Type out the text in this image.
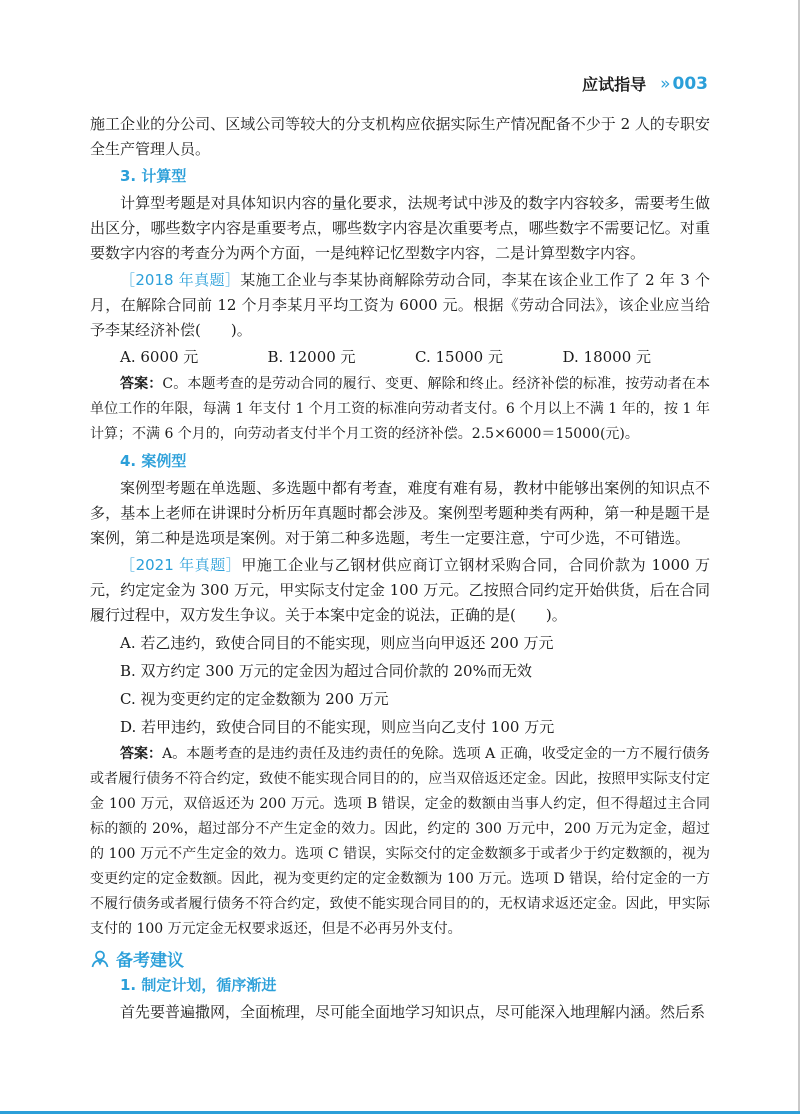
应试指导 » 003

施工企业的分公司、区域公司等较大的分支机构应依据实际生产情况配备不少于 2 人的专职安全生产管理人员。

3. 计算型

计算型考题是对具体知识内容的量化要求，法规考试中涉及的数字内容较多，需要考生做出区分，哪些数字内容是重要考点，哪些数字内容是次重要考点，哪些数字不需要记忆。对重要数字内容的考查分为两个方面，一是纯粹记忆型数字内容，二是计算型数字内容。

［2018 年真题］某施工企业与李某协商解除劳动合同，李某在该企业工作了 2 年 3 个月，在解除合同前 12 个月李某月平均工资为 6000 元。根据《劳动合同法》，该企业应当给予李某经济补偿(　　)。

A. 6000 元	B. 12000 元	C. 15000 元	D. 18000 元

答案：C。本题考查的是劳动合同的履行、变更、解除和终止。经济补偿的标准，按劳动者在本单位工作的年限，每满 1 年支付 1 个月工资的标准向劳动者支付。6 个月以上不满 1 年的，按 1 年计算；不满 6 个月的，向劳动者支付半个月工资的经济补偿。2.5×6000＝15000(元)。

4. 案例型

案例型考题在单选题、多选题中都有考查，难度有难有易，教材中能够出案例的知识点不多，基本上老师在讲课时分析历年真题时都会涉及。案例型考题种类有两种，第一种是题干是案例，第二种是选项是案例。对于第二种多选题，考生一定要注意，宁可少选，不可错选。

［2021 年真题］甲施工企业与乙钢材供应商订立钢材采购合同，合同价款为 1000 万元，约定定金为 300 万元，甲实际支付定金 100 万元。乙按照合同约定开始供货，后在合同履行过程中，双方发生争议。关于本案中定金的说法，正确的是(　　)。

A. 若乙违约，致使合同目的不能实现，则应当向甲返还 200 万元
B. 双方约定 300 万元的定金因为超过合同价款的 20%而无效
C. 视为变更约定的定金数额为 200 万元
D. 若甲违约，致使合同目的不能实现，则应当向乙支付 100 万元

答案：A。本题考查的是违约责任及违约责任的免除。选项 A 正确，收受定金的一方不履行债务或者履行债务不符合约定，致使不能实现合同目的的，应当双倍返还定金。因此，按照甲实际支付定金 100 万元，双倍返还为 200 万元。选项 B 错误，定金的数额由当事人约定，但不得超过主合同标的额的 20%，超过部分不产生定金的效力。因此，约定的 300 万元中，200 万元为定金，超过的 100 万元不产生定金的效力。选项 C 错误，实际交付的定金数额多于或者少于约定数额的，视为变更约定的定金数额。因此，视为变更约定的定金数额为 100 万元。选项 D 错误，给付定金的一方不履行债务或者履行债务不符合约定，致使不能实现合同目的的，无权请求返还定金。因此，甲实际支付的 100 万元定金无权要求返还，但是不必再另外支付。

备考建议
1. 制定计划，循序渐进

首先要普遍撒网，全面梳理，尽可能全面地学习知识点，尽可能深入地理解内涵。然后系
